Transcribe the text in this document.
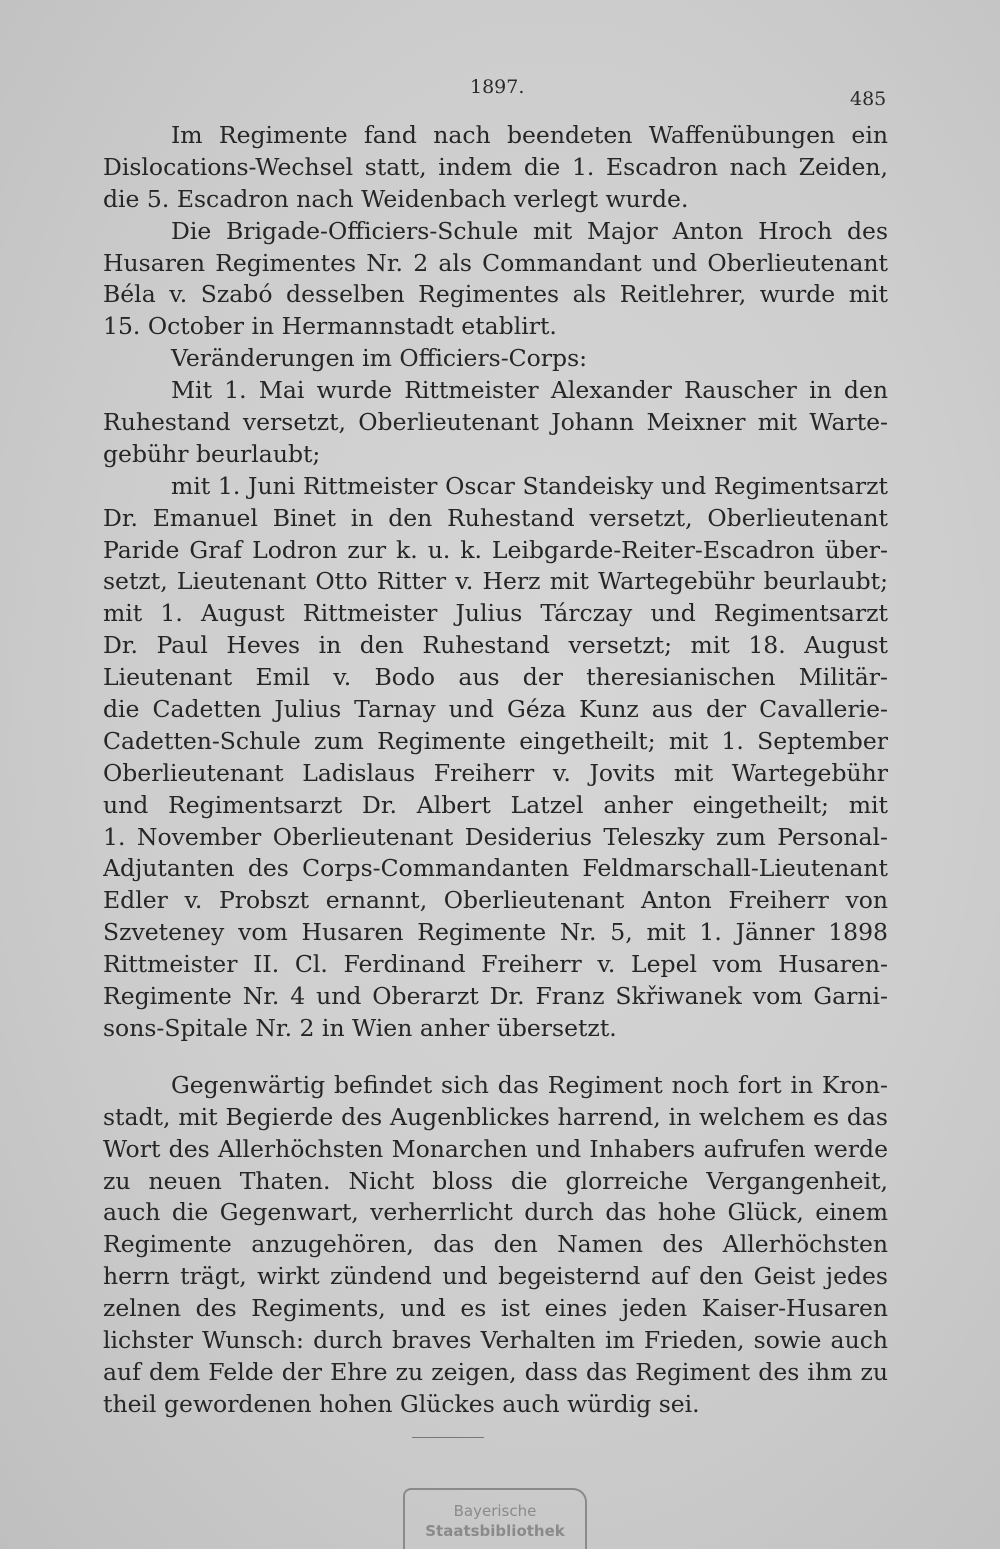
1897.
485
Im Regimente fand nach beendeten Waffenübungen ein
Dislocations-Wechsel statt, indem die 1. Escadron nach Zeiden,
die 5. Escadron nach Weidenbach verlegt wurde.
Die Brigade-Officiers-Schule mit Major Anton Hroch des
Husaren Regimentes Nr. 2 als Commandant und Oberlieutenant
Béla v. Szabó desselben Regimentes als Reitlehrer, wurde mit
15. October in Hermannstadt etablirt.
Veränderungen im Officiers-Corps:
Mit 1. Mai wurde Rittmeister Alexander Rauscher in den
Ruhestand versetzt, Oberlieutenant Johann Meixner mit Warte-
gebühr beurlaubt;
mit 1. Juni Rittmeister Oscar Standeisky und Regimentsarzt
Dr. Emanuel Binet in den Ruhestand versetzt, Oberlieutenant
Paride Graf Lodron zur k. u. k. Leibgarde-Reiter-Escadron über-
setzt, Lieutenant Otto Ritter v. Herz mit Wartegebühr beurlaubt;
mit 1. August Rittmeister Julius Tárczay und Regimentsarzt
Dr. Paul Heves in den Ruhestand versetzt; mit 18. August
Lieutenant Emil v. Bodo aus der theresianischen Militär-
die Cadetten Julius Tarnay und Géza Kunz aus der Cavallerie-
Cadetten-Schule zum Regimente eingetheilt; mit 1. September
Oberlieutenant Ladislaus Freiherr v. Jovits mit Wartegebühr
und Regimentsarzt Dr. Albert Latzel anher eingetheilt; mit
1. November Oberlieutenant Desiderius Teleszky zum Personal-
Adjutanten des Corps-Commandanten Feldmarschall-Lieutenant
Edler v. Probszt ernannt, Oberlieutenant Anton Freiherr von
Szveteney vom Husaren Regimente Nr. 5, mit 1. Jänner 1898
Rittmeister II. Cl. Ferdinand Freiherr v. Lepel vom Husaren-
Regimente Nr. 4 und Oberarzt Dr. Franz Skřiwanek vom Garni-
sons-Spitale Nr. 2 in Wien anher übersetzt.
Gegenwärtig befindet sich das Regiment noch fort in Kron-
stadt, mit Begierde des Augenblickes harrend, in welchem es das
Wort des Allerhöchsten Monarchen und Inhabers aufrufen werde
zu neuen Thaten. Nicht bloss die glorreiche Vergangenheit,
auch die Gegenwart, verherrlicht durch das hohe Glück, einem
Regimente anzugehören, das den Namen des Allerhöchsten
herrn trägt, wirkt zündend und begeisternd auf den Geist jedes
zelnen des Regiments, und es ist eines jeden Kaiser-Husaren
lichster Wunsch: durch braves Verhalten im Frieden, sowie auch
auf dem Felde der Ehre zu zeigen, dass das Regiment des ihm zu
theil gewordenen hohen Glückes auch würdig sei.
Bayerische
Staatsbibliothek
